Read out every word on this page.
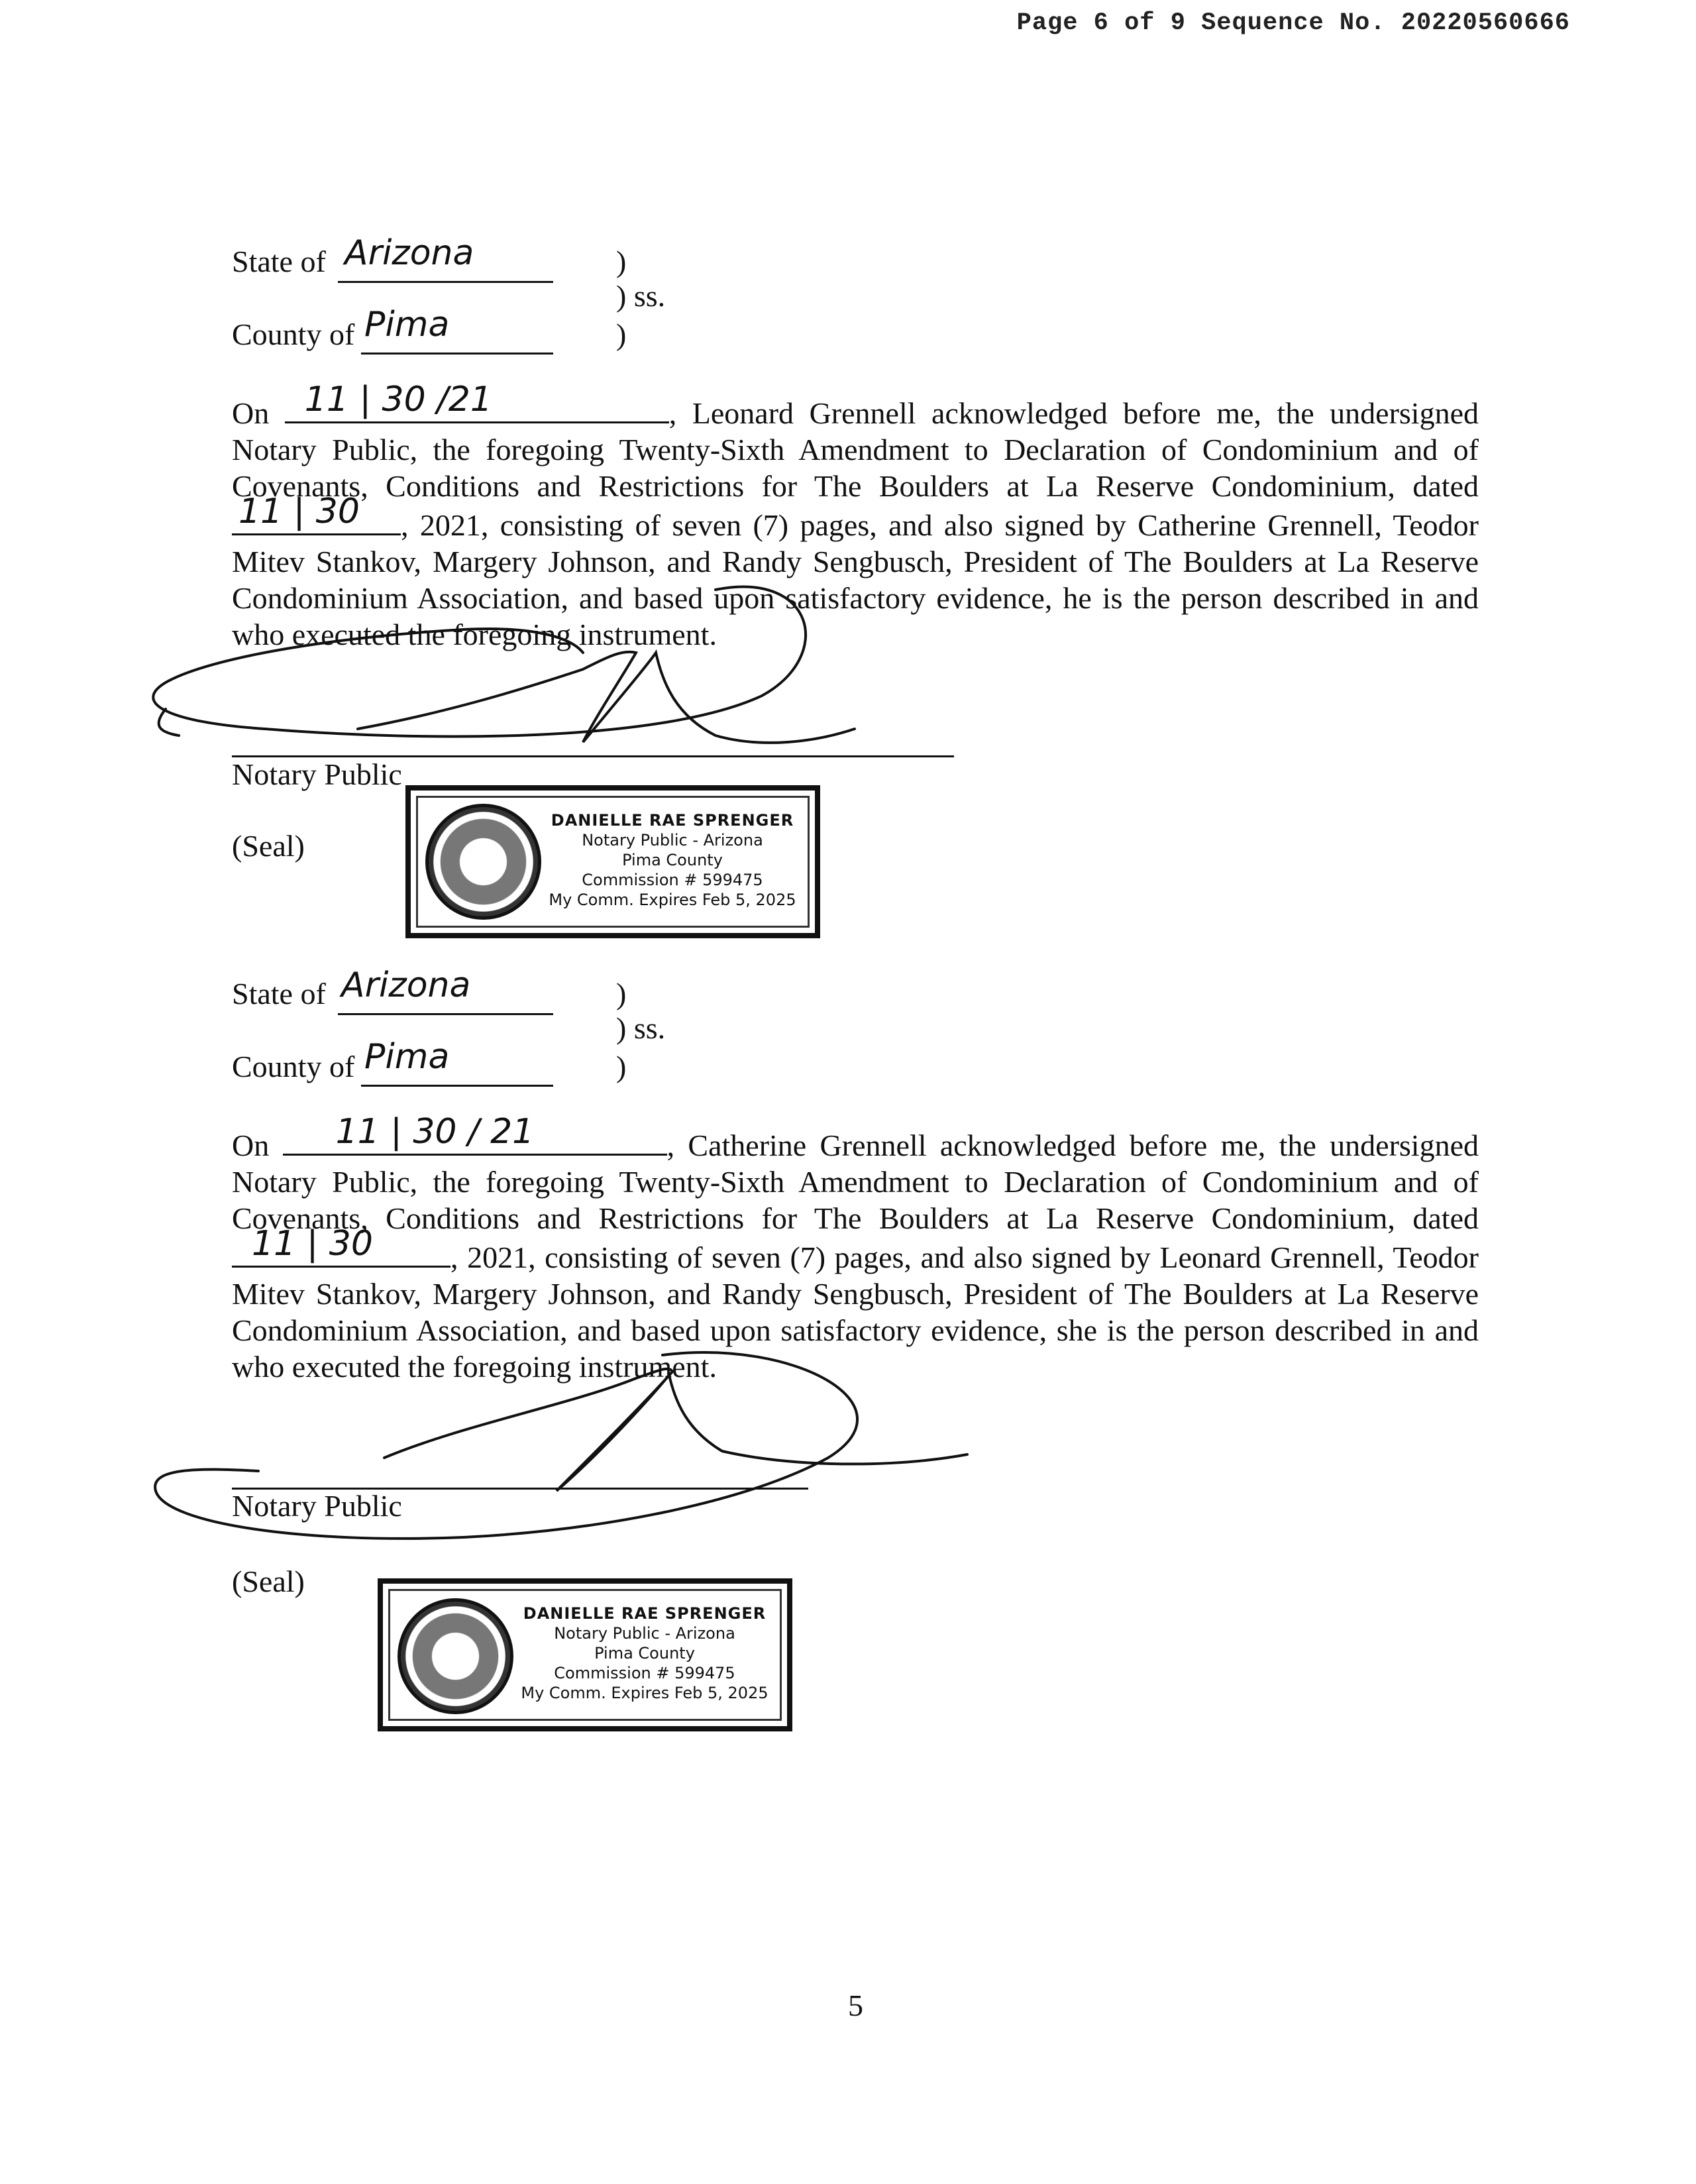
Page 6 of 9 Sequence No. 20220560666
State of Arizona	)
) ss.
County of Pima	)
On 11 | 30 /21	, Leonard Grennell acknowledged before me, the undersigned Notary Public, the foregoing Twenty-Sixth Amendment to Declaration of Condominium and of Covenants, Conditions and Restrictions for The Boulders at La Reserve Condominium, dated
11 | 30 , 2021, consisting of seven (7) pages, and also signed by Catherine Grennell, Teodor Mitev Stankov, Margery Johnson, and Randy Sengbusch, President of The Boulders at La Reserve Condominium Association, and based upon satisfactory evidence, he is the person described in and who executed the foregoing instrument.
Notary Public
(Seal)
DANIELLE RAE SPRENGER
Notary Public - Arizona
Pima County
Commission # 599475
My Comm. Expires Feb 5, 2025
State of Arizona	)
) ss.
County of Pima	)
On 11 | 30 / 21	, Catherine Grennell acknowledged before me, the undersigned Notary Public, the foregoing Twenty-Sixth Amendment to Declaration of Condominium and of Covenants, Conditions and Restrictions for The Boulders at La Reserve Condominium, dated
11 | 30	, 2021, consisting of seven (7) pages, and also signed by Leonard Grennell, Teodor Mitev Stankov, Margery Johnson, and Randy Sengbusch, President of The Boulders at La Reserve Condominium Association, and based upon satisfactory evidence, she is the person described in and who executed the foregoing instrument.
Notary Public
(Seal)
DANIELLE RAE SPRENGER
Notary Public - Arizona
Pima County
Commission # 599475
My Comm. Expires Feb 5, 2025
5
